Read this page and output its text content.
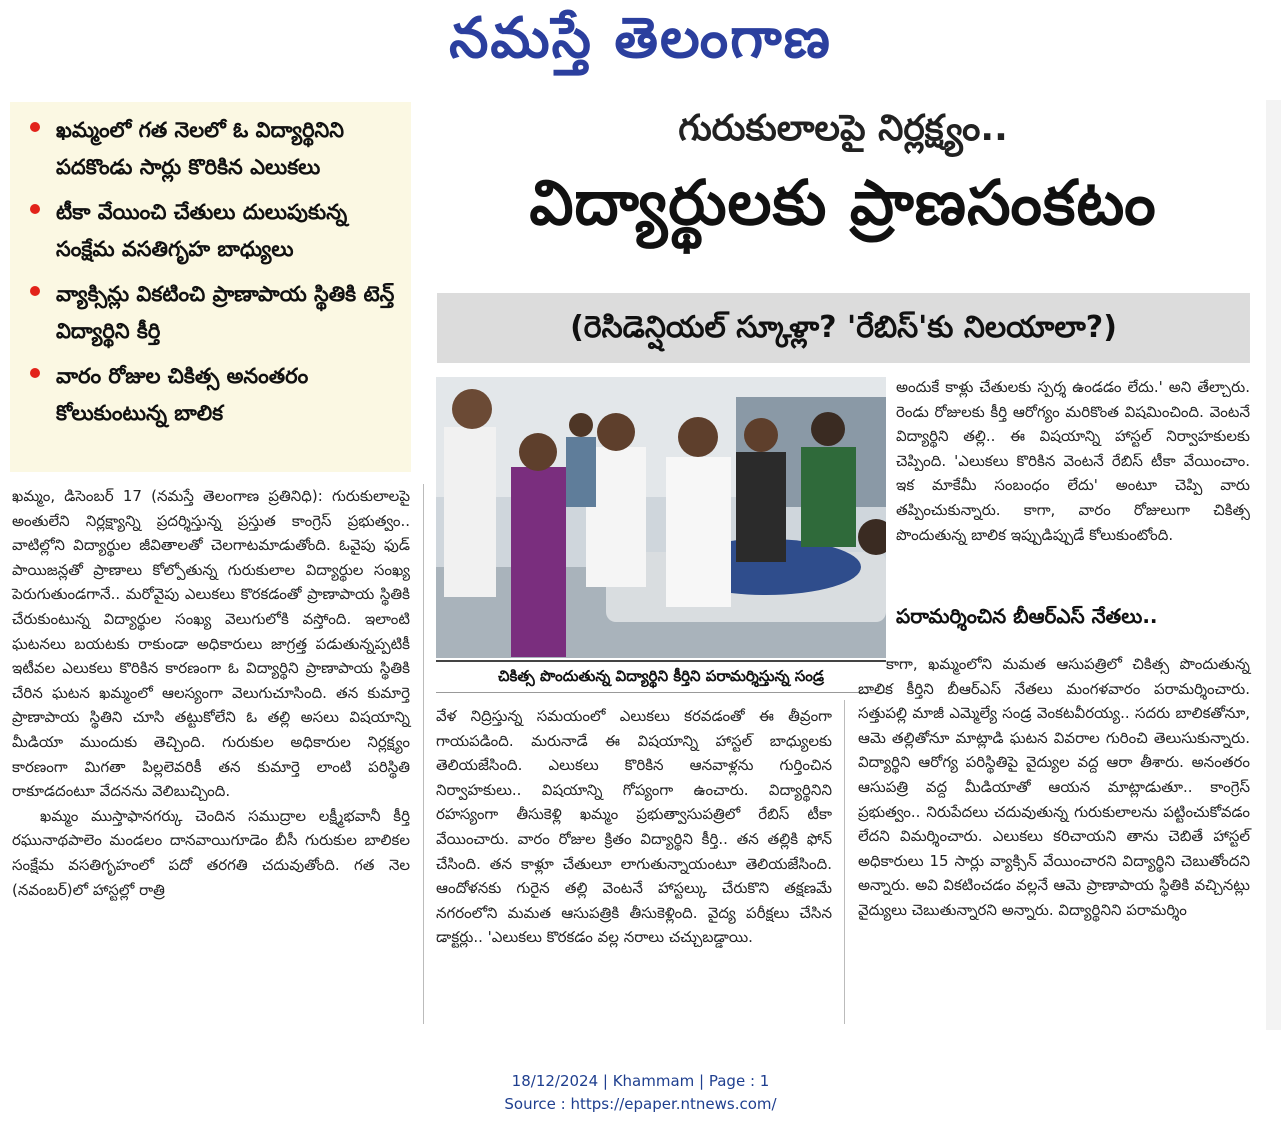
నమస్తే తెలంగాణ
ఖమ్మంలో గత నెలలో ఓ విద్యార్థినిని పదకొండు సార్లు కొరికిన ఎలుకలు
టీకా వేయించి చేతులు దులుపుకున్న సంక్షేమ వసతిగృహ బాధ్యులు
వ్యాక్సిన్లు వికటించి ప్రాణాపాయ స్థితికి టెన్త్ విద్యార్థిని కీర్తి
వారం రోజుల చికిత్స అనంతరం కోలుకుంటున్న బాలిక
గురుకులాలపై నిర్లక్ష్యం..
విద్యార్థులకు ప్రాణసంకటం
(రెసిడెన్షియల్ స్కూళ్లా? 'రేబిస్'కు నిలయాలా?)
చికిత్స పొందుతున్న విద్యార్థిని కీర్తిని పరామర్శిస్తున్న సండ్ర

ఖమ్మం, డిసెంబర్ 17 (నమస్తే తెలంగాణ ప్రతినిధి): గురుకులాలపై అంతులేని నిర్లక్ష్యాన్ని ప్రదర్శిస్తున్న ప్రస్తుత కాంగ్రెస్ ప్రభుత్వం.. వాటిల్లోని విద్యార్థుల జీవితాలతో చెలగాటమాడుతోంది. ఓవైపు ఫుడ్ పాయిజన్లతో ప్రాణాలు కోల్పోతున్న గురుకులాల విద్యార్థుల సంఖ్య పెరుగుతుండగానే.. మరోవైపు ఎలుకలు కొరకడంతో ప్రాణాపాయ స్థితికి చేరుకుంటున్న విద్యార్థుల సంఖ్య వెలుగులోకి వస్తోంది. ఇలాంటి ఘటనలు బయటకు రాకుండా అధికారులు జాగ్రత్త పడుతున్నప్పటికీ ఇటీవల ఎలుకలు కొరికిన కారణంగా ఓ విద్యార్థిని ప్రాణాపాయ స్థితికి చేరిన ఘటన ఖమ్మంలో ఆలస్యంగా వెలుగుచూసింది. తన కుమార్తె ప్రాణాపాయ స్థితిని చూసి తట్టుకోలేని ఓ తల్లి అసలు విషయాన్ని మీడియా ముందుకు తెచ్చింది. గురుకుల అధికారుల నిర్లక్ష్యం కారణంగా మిగతా పిల్లలెవరికీ తన కుమార్తె లాంటి పరిస్థితి రాకూడదంటూ వేదనను వెలిబుచ్చింది.

ఖమ్మం ముస్తాఫానగర్కు చెందిన సముద్రాల లక్ష్మీభవానీ కీర్తి రఘునాథపాలెం మండలం దానవాయిగూడెం బీసీ గురుకుల బాలికల సంక్షేమ వసతిగృహంలో పదో తరగతి చదువుతోంది. గత నెల (నవంబర్)లో హాస్టల్లో రాత్రి

వేళ నిద్రిస్తున్న సమయంలో ఎలుకలు కరవడంతో ఈ తీవ్రంగా గాయపడింది. మరునాడే ఈ విషయాన్ని హాస్టల్ బాధ్యులకు తెలియజేసింది. ఎలుకలు కొరికిన ఆనవాళ్లను గుర్తించిన నిర్వాహకులు.. విషయాన్ని గోప్యంగా ఉంచారు. విద్యార్థినిని రహస్యంగా తీసుకెళ్లి ఖమ్మం ప్రభుత్వాసుపత్రిలో రేబిస్ టీకా వేయించారు. వారం రోజుల క్రితం విద్యార్థిని కీర్తి.. తన తల్లికి ఫోన్ చేసింది. తన కాళ్లూ చేతులూ లాగుతున్నాయంటూ తెలియజేసింది. ఆందోళనకు గురైన తల్లి వెంటనే హాస్టల్కు చేరుకొని తక్షణమే నగరంలోని మమత ఆసుపత్రికి తీసుకెళ్లింది. వైద్య పరీక్షలు చేసిన డాక్టర్లు.. 'ఎలుకలు కొరకడం వల్ల నరాలు చచ్చుబడ్డాయి.

అందుకే కాళ్లు చేతులకు స్పర్శ ఉండడం లేదు.' అని తేల్చారు. రెండు రోజులకు కీర్తి ఆరోగ్యం మరికొంత విషమించింది. వెంటనే విద్యార్థిని తల్లి.. ఈ విషయాన్ని హాస్టల్ నిర్వాహకులకు చెప్పింది. 'ఎలుకలు కొరికిన వెంటనే రేబిస్ టీకా వేయించాం. ఇక మాకేమీ సంబంధం లేదు' అంటూ చెప్పి వారు తప్పించుకున్నారు. కాగా, వారం రోజులుగా చికిత్స పొందుతున్న బాలిక ఇప్పుడిప్పుడే కోలుకుంటోంది.

పరామర్శించిన బీఆర్ఎస్ నేతలు..

కాగా, ఖమ్మంలోని మమత ఆసుపత్రిలో చికిత్స పొందుతున్న బాలిక కీర్తిని బీఆర్ఎస్ నేతలు మంగళవారం పరామర్శించారు. సత్తుపల్లి మాజీ ఎమ్మెల్యే సండ్ర వెంకటవీరయ్య.. సదరు బాలికతోనూ, ఆమె తల్లితోనూ మాట్లాడి ఘటన వివరాల గురించి తెలుసుకున్నారు. విద్యార్థిని ఆరోగ్య పరిస్థితిపై వైద్యుల వద్ద ఆరా తీశారు. అనంతరం ఆసుపత్రి వద్ద మీడియాతో ఆయన మాట్లాడుతూ.. కాంగ్రెస్ ప్రభుత్వం.. నిరుపేదలు చదువుతున్న గురుకులాలను పట్టించుకోవడం లేదని విమర్శించారు. ఎలుకలు కరిచాయని తాను చెబితే హాస్టల్ అధికారులు 15 సార్లు వ్యాక్సిన్ వేయించారని విద్యార్థిని చెబుతోందని అన్నారు. అవి వికటించడం వల్లనే ఆమె ప్రాణాపాయ స్థితికి వచ్చినట్లు వైద్యులు చెబుతున్నారని అన్నారు. విద్యార్థినిని పరామర్శిం

18/12/2024 | Khammam | Page : 1
Source : https://epaper.ntnews.com/
